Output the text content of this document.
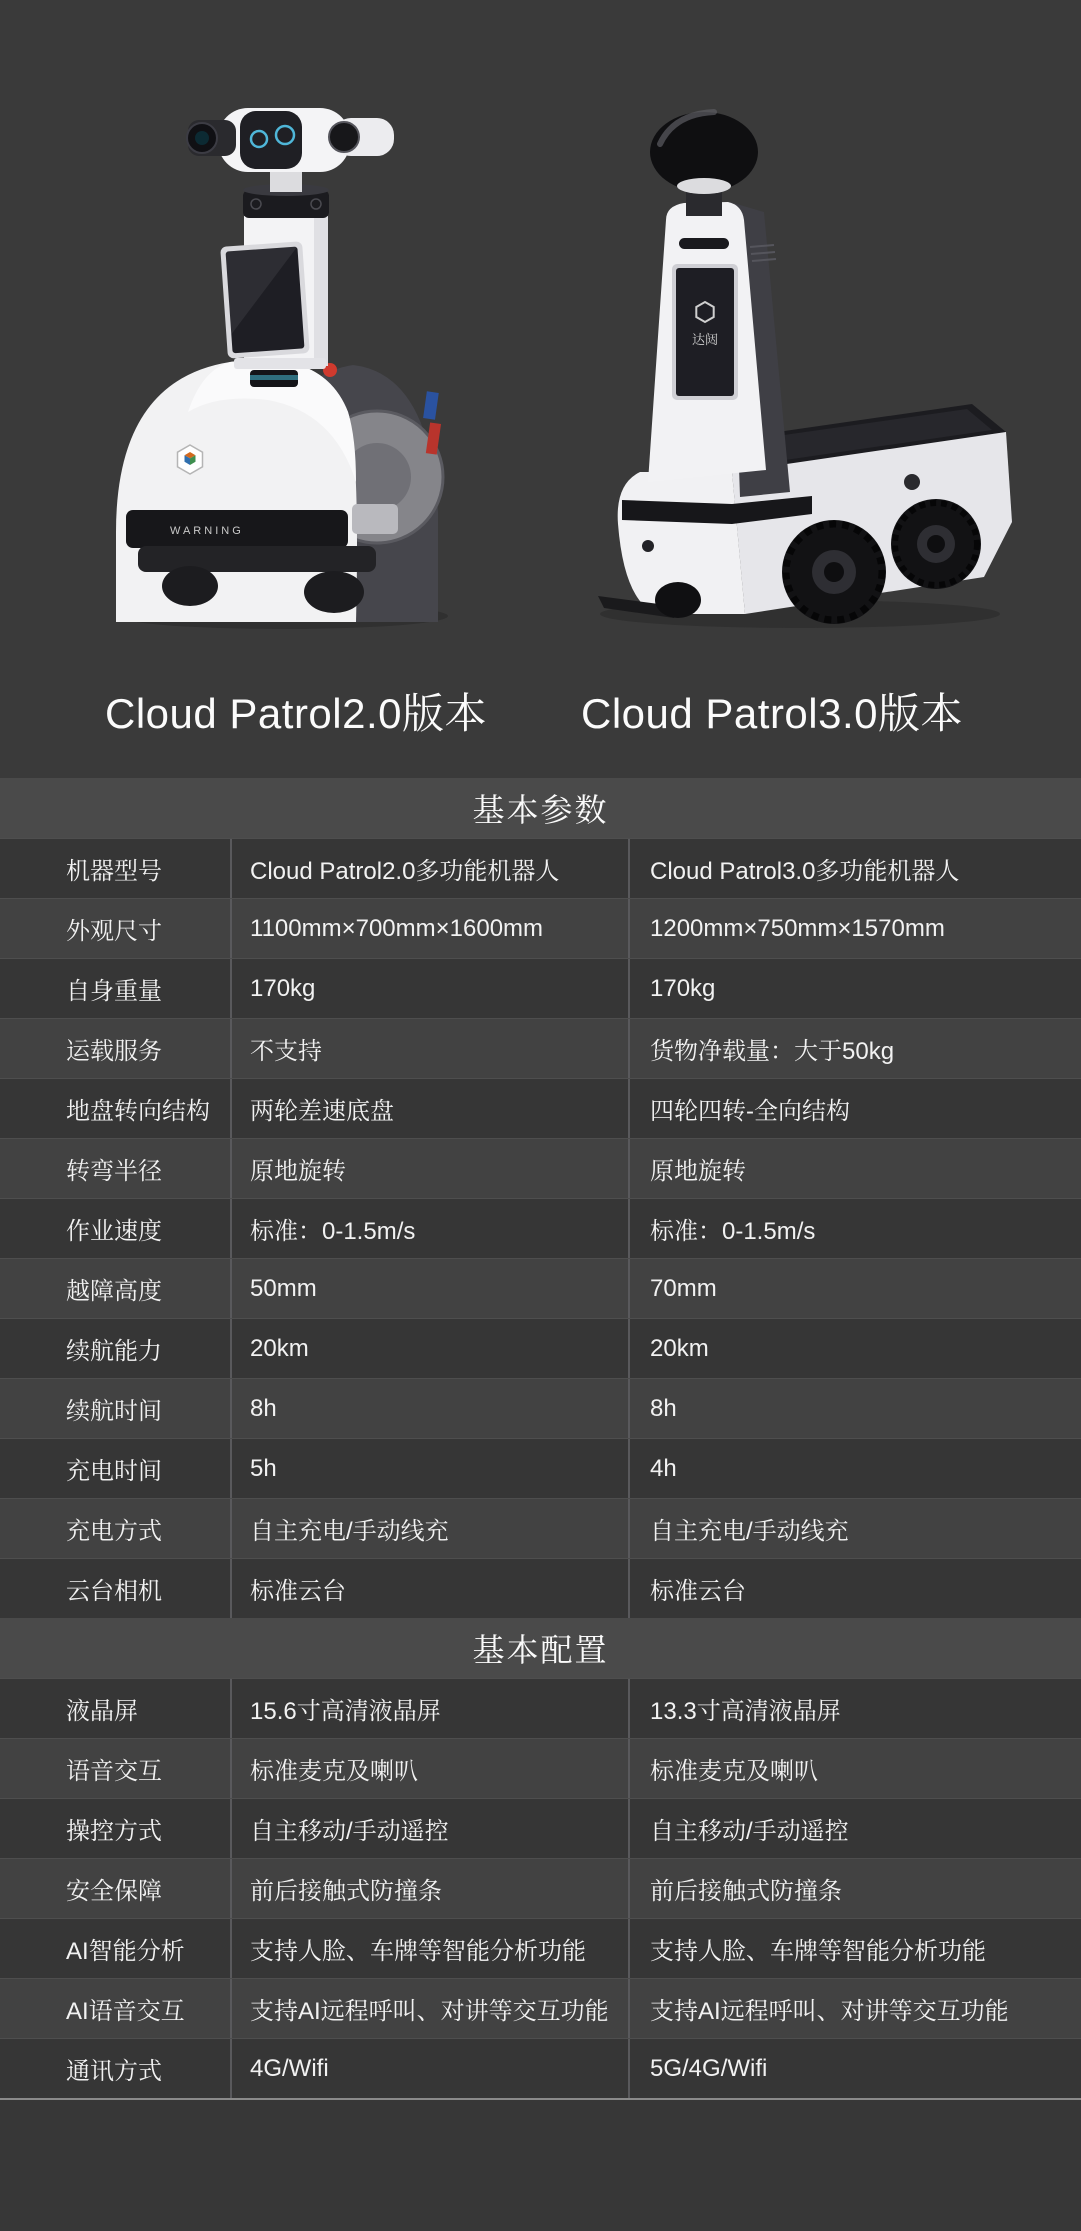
WARNING
达闼
Cloud Patrol2.0版本 Cloud Patrol3.0版本
基本参数
机器型号	Cloud Patrol2.0多功能机器人	Cloud Patrol3.0多功能机器人
外观尺寸	1100mm×700mm×1600mm	1200mm×750mm×1570mm
自身重量	170kg	170kg
运载服务	不支持	货物净载量：大于50kg
地盘转向结构	两轮差速底盘	四轮四转-全向结构
转弯半径	原地旋转	原地旋转
作业速度	标准：0-1.5m/s	标准：0-1.5m/s
越障高度	50mm	70mm
续航能力	20km	20km
续航时间	8h	8h
充电时间	5h	4h
充电方式	自主充电/手动线充	自主充电/手动线充
云台相机	标准云台	标准云台
基本配置
液晶屏	15.6寸高清液晶屏	13.3寸高清液晶屏
语音交互	标准麦克及喇叭	标准麦克及喇叭
操控方式	自主移动/手动遥控	自主移动/手动遥控
安全保障	前后接触式防撞条	前后接触式防撞条
AI智能分析	支持人脸、车牌等智能分析功能	支持人脸、车牌等智能分析功能
AI语音交互	支持AI远程呼叫、对讲等交互功能	支持AI远程呼叫、对讲等交互功能
通讯方式	4G/Wifi	5G/4G/Wifi
